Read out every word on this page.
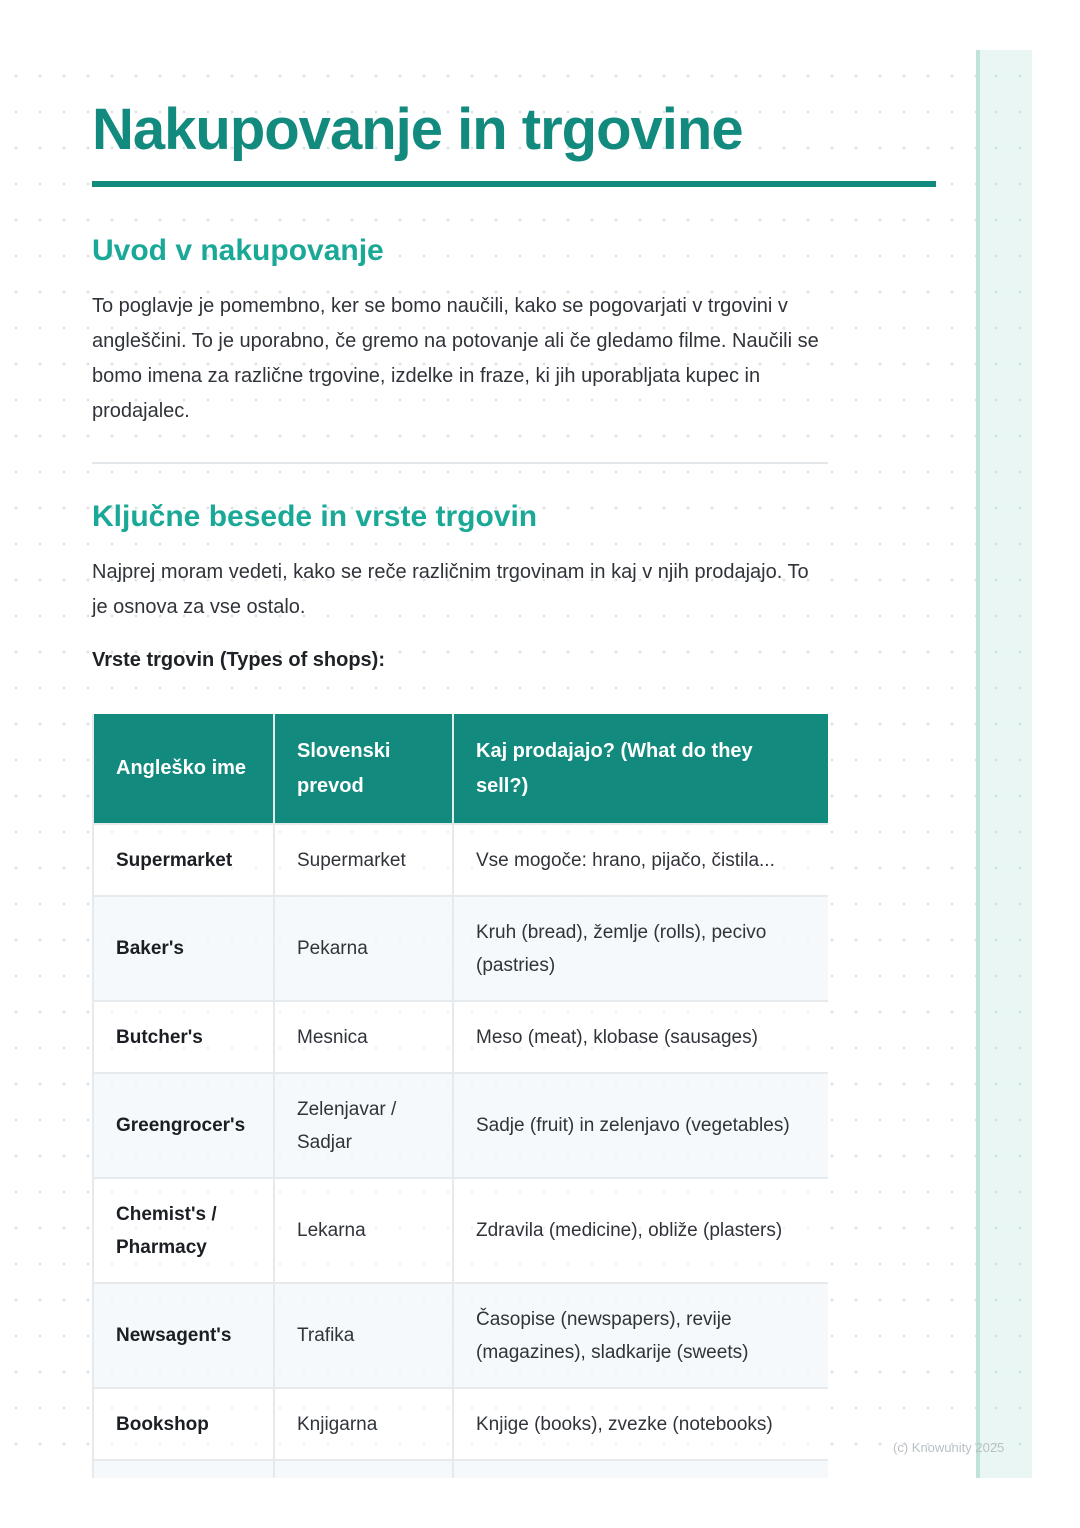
Nakupovanje in trgovine
Uvod v nakupovanje

To poglavje je pomembno, ker se bomo naučili, kako se pogovarjati v trgovini v angleščini. To je uporabno, če gremo na potovanje ali če gledamo filme. Naučili se bomo imena za različne trgovine, izdelke in fraze, ki jih uporabljata kupec in prodajalec.

Ključne besede in vrste trgovin

Najprej moram vedeti, kako se reče različnim trgovinam in kaj v njih prodajajo. To je osnova za vse ostalo.

Vrste trgovin (Types of shops):
Angleško ime	Slovenski prevod	Kaj prodajajo? (What do they sell?)
Supermarket	Supermarket	Vse mogoče: hrano, pijačo, čistila...
Baker's	Pekarna	Kruh (bread), žemlje (rolls), pecivo (pastries)
Butcher's	Mesnica	Meso (meat), klobase (sausages)
Greengrocer's	Zelenjavar / Sadjar	Sadje (fruit) in zelenjavo (vegetables)
Chemist's / Pharmacy	Lekarna	Zdravila (medicine), obliže (plasters)
Newsagent's	Trafika	Časopise (newspapers), revije (magazines), sladkarije (sweets)
Bookshop	Knjigarna	Knjige (books), zvezke (notebooks)

(c) Knowunity 2025
